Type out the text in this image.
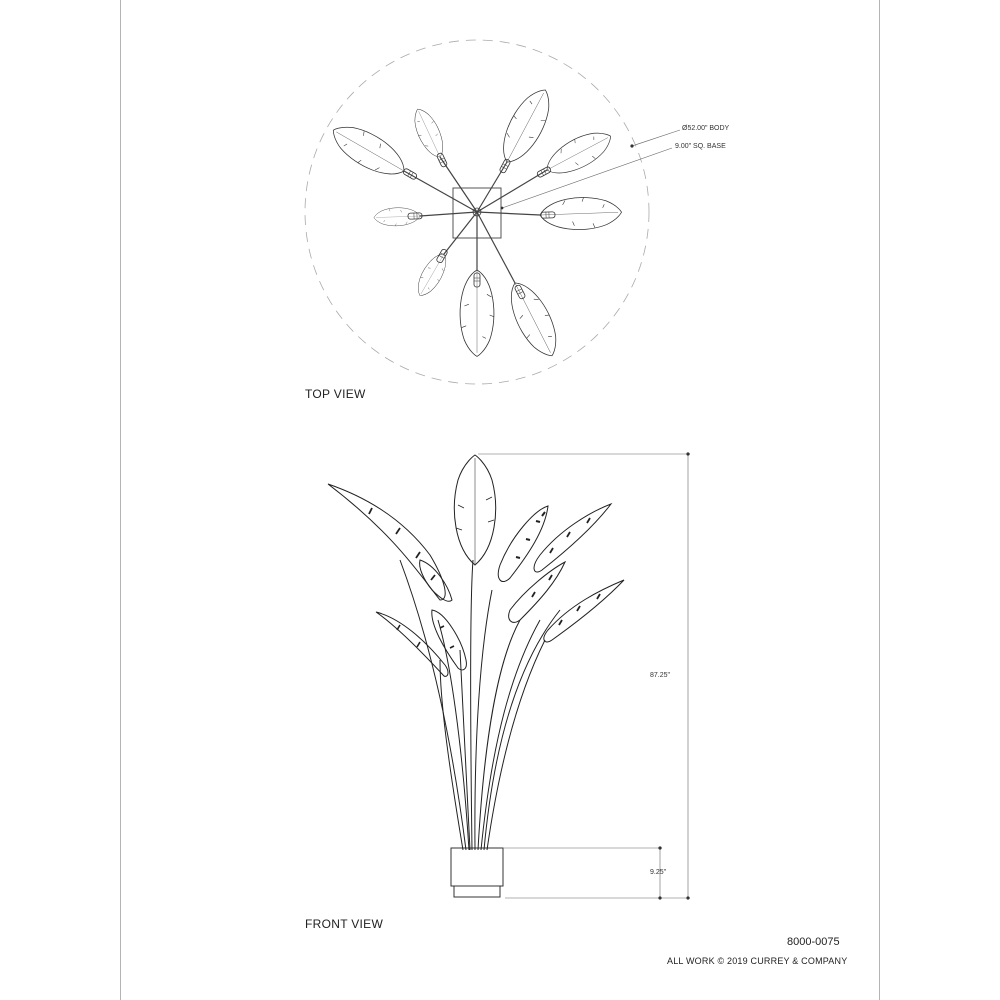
Ø52.00" BODY
9.00" SQ. BASE
TOP VIEW
87.25"
9.25"
FRONT VIEW
8000-0075
ALL WORK © 2019 CURREY & COMPANY
